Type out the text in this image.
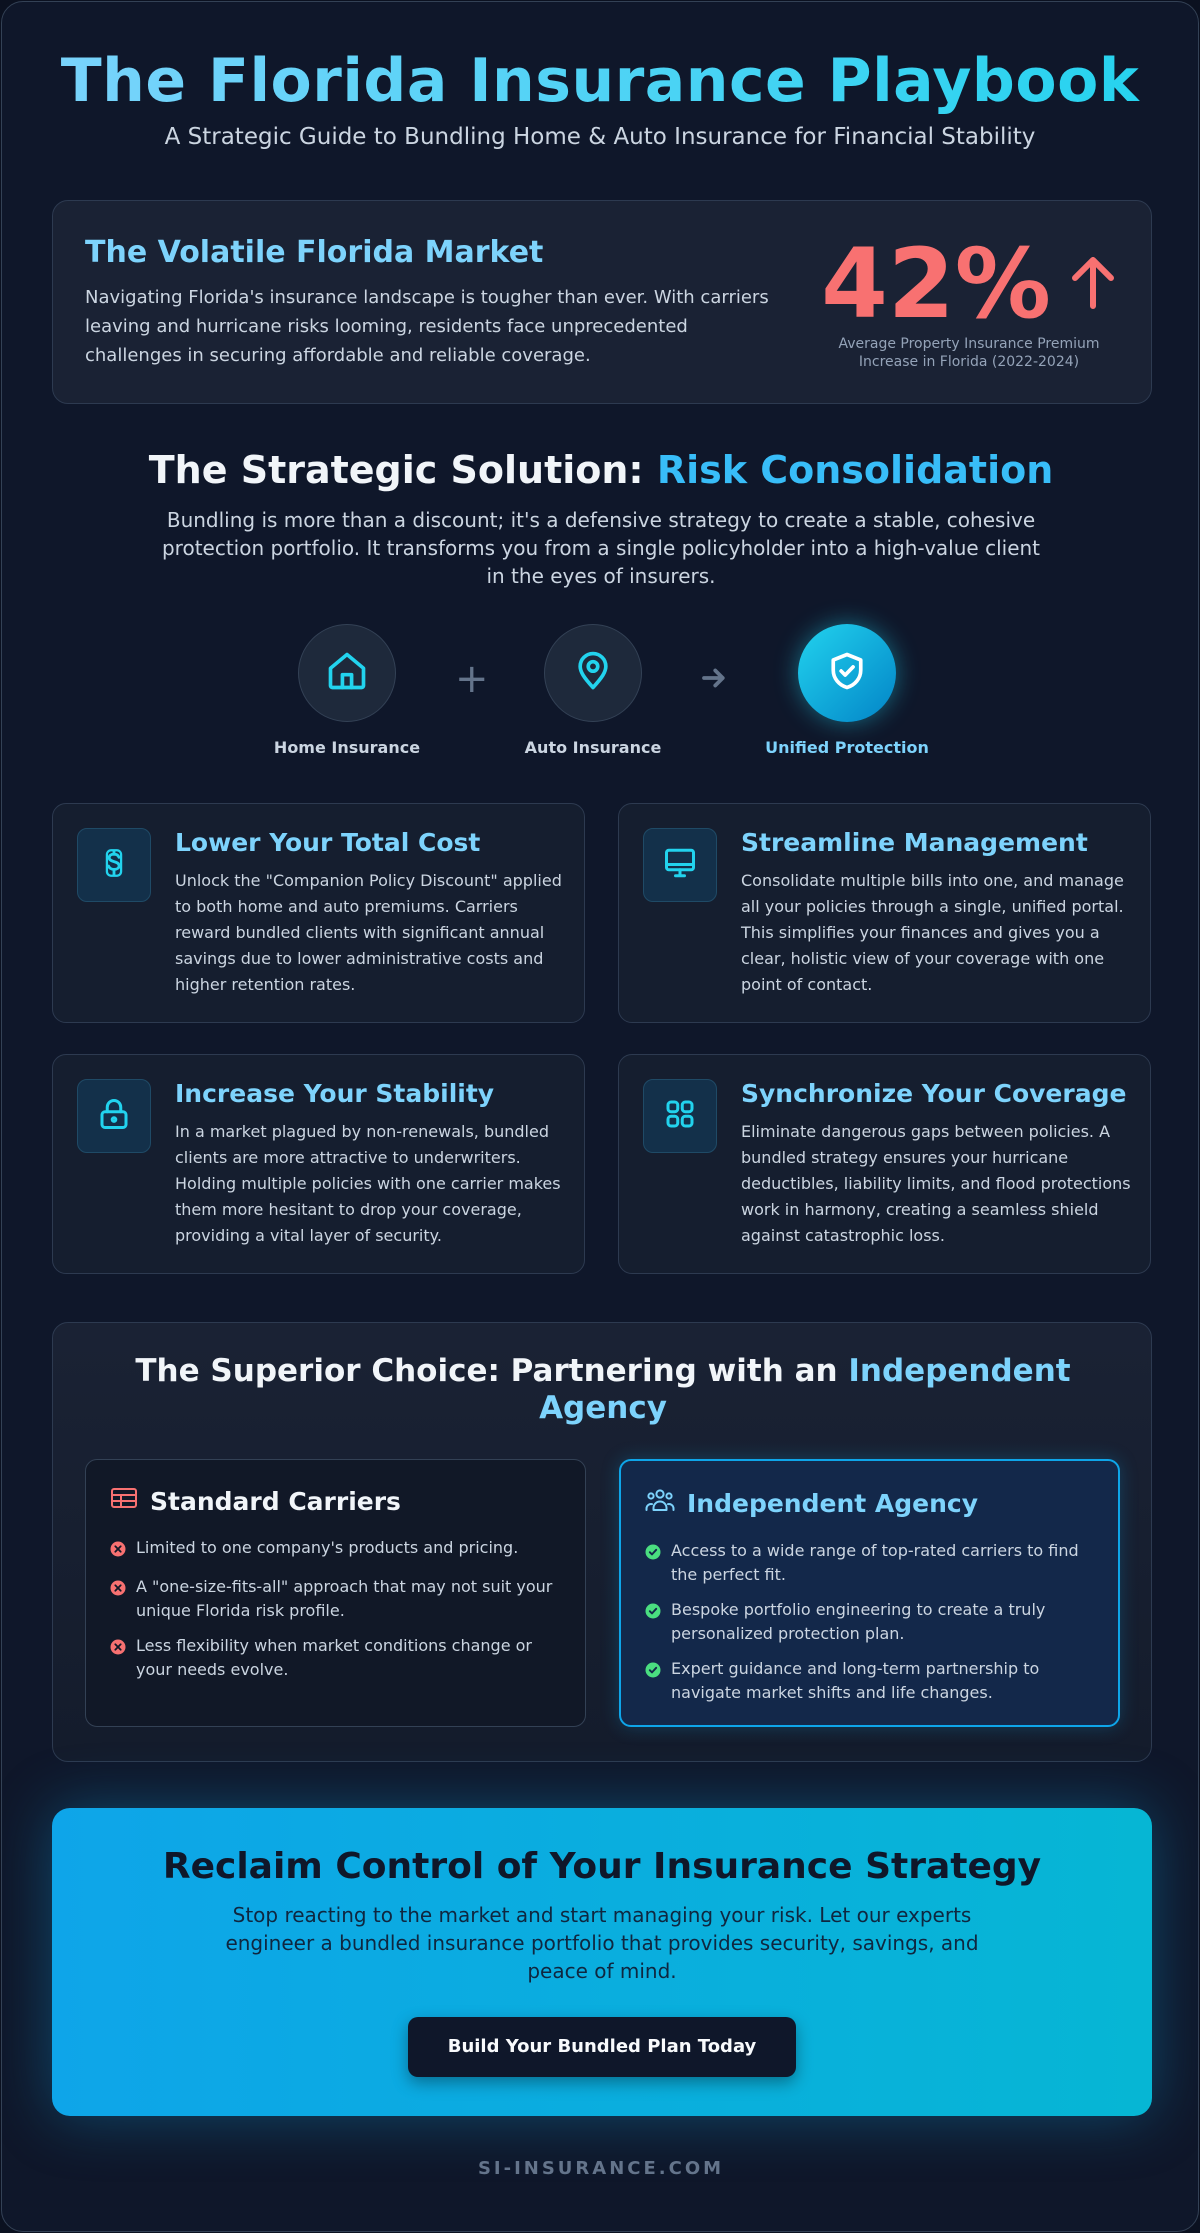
The Florida Insurance Playbook
A Strategic Guide to Bundling Home & Auto Insurance for Financial Stability
The Volatile Florida Market
Navigating Florida's insurance landscape is tougher than ever. With carriers leaving and hurricane risks looming, residents face unprecedented challenges in securing affordable and reliable coverage.
42%
Average Property Insurance Premium
Increase in Florida (2022-2024)
The Strategic Solution: Risk Consolidation
Bundling is more than a discount; it's a defensive strategy to create a stable, cohesive protection portfolio. It transforms you from a single policyholder into a high-value client in the eyes of insurers.
Home Insurance
+
Auto Insurance	Unified Protection
Lower Your Total Cost
Unlock the "Companion Policy Discount" applied to both home and auto premiums. Carriers reward bundled clients with significant annual savings due to lower administrative costs and higher retention rates.
Streamline Management
Consolidate multiple bills into one, and manage all your policies through a single, unified portal. This simplifies your finances and gives you a clear, holistic view of your coverage with one point of contact.
Increase Your Stability
In a market plagued by non-renewals, bundled clients are more attractive to underwriters. Holding multiple policies with one carrier makes them more hesitant to drop your coverage, providing a vital layer of security.
Synchronize Your Coverage
Eliminate dangerous gaps between policies. A bundled strategy ensures your hurricane deductibles, liability limits, and flood protections work in harmony, creating a seamless shield against catastrophic loss.
The Superior Choice: Partnering with an Independent Agency
Standard Carriers
Limited to one company's products and pricing.
A "one-size-fits-all" approach that may not suit your unique Florida risk profile.
Less flexibility when market conditions change or your needs evolve.
Independent Agency
Access to a wide range of top-rated carriers to find the perfect fit.
Bespoke portfolio engineering to create a truly personalized protection plan.
Expert guidance and long-term partnership to navigate market shifts and life changes.
Reclaim Control of Your Insurance Strategy
Stop reacting to the market and start managing your risk. Let our experts engineer a bundled insurance portfolio that provides security, savings, and peace of mind.
Build Your Bundled Plan Today
SI-INSURANCE.COM
